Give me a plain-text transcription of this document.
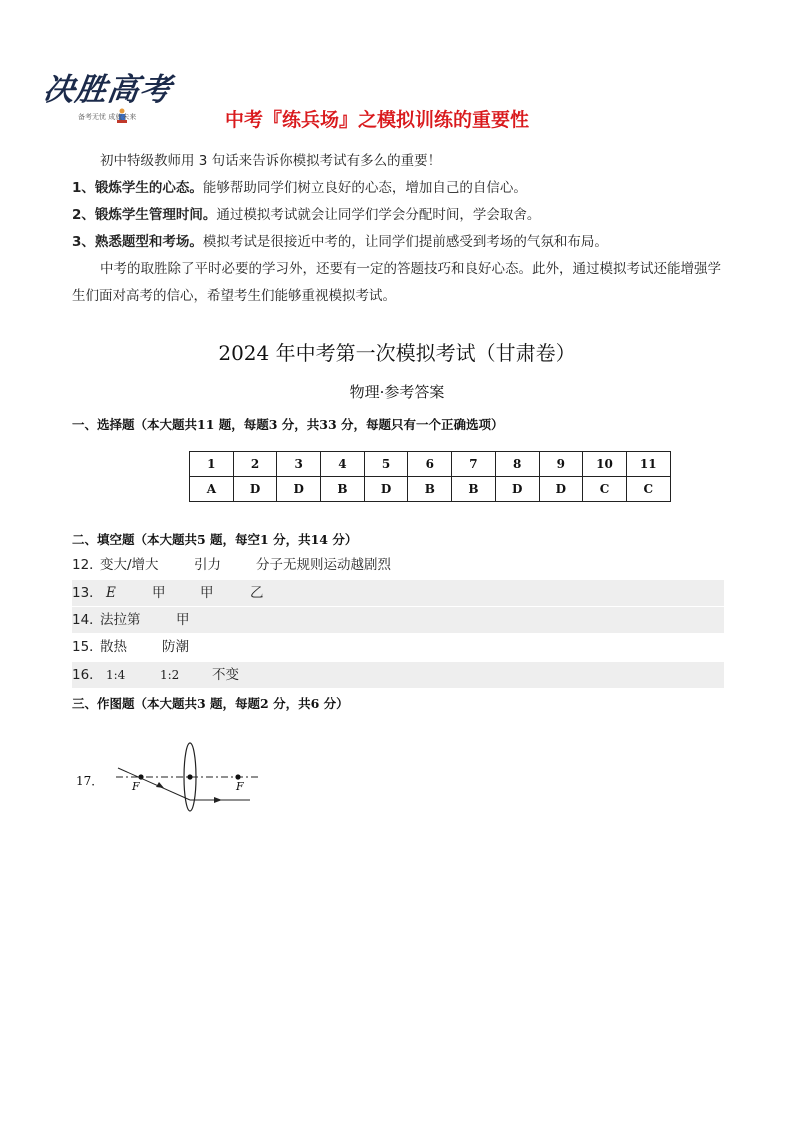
决胜高考
备考无忧 成就未来	中考『练兵场』之模拟训练的重要性
初中特级教师用 3 句话来告诉你模拟考试有多么的重要！
1、锻炼学生的心态。能够帮助同学们树立良好的心态，增加自己的自信心。
2、锻炼学生管理时间。通过模拟考试就会让同学们学会分配时间，学会取舍。
3、熟悉题型和考场。模拟考试是很接近中考的，让同学们提前感受到考场的气氛和布局。
中考的取胜除了平时必要的学习外，还要有一定的答题技巧和良好心态。此外，通过模拟考试还能增强学生们面对高考的信心，希望考生们能够重视模拟考试。
2024 年中考第一次模拟考试（甘肃卷）
物理·参考答案
一、选择题（本大题共11 题，每题3 分，共33 分，每题只有一个正确选项）
1	2	3	4	5	6	7	8	9	10	11
A	D	D	B	D	B	B	D	D	C	C
二、填空题（本大题共5 题，每空1 分，共14 分）
12．
变大/增大	引力	分子无规则运动越剧烈
13． E	甲	甲	乙
14．
法拉第	甲
15．
散热	防潮
16． 1:4	1:2 不变
三、作图题（本大题共3 题，每题2 分，共6 分）
17．	F	F
